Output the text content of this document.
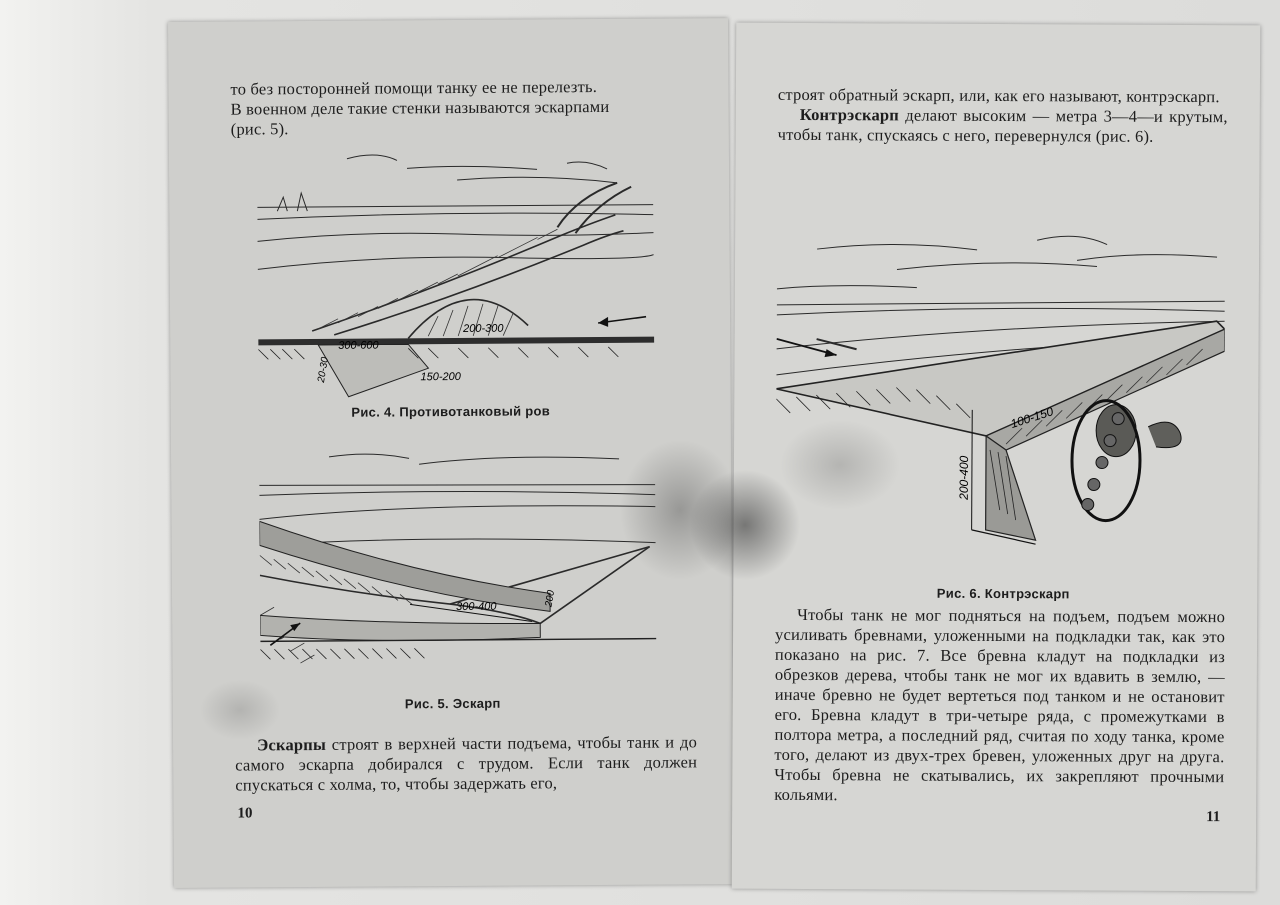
то без посторонней помощи танку ее не перелезть.

В военном деле такие стенки называются эскарпами

(рис. 5).

200-300
300-600
20-30	150-200
Рис. 4. Противотанковый ров
300-400	200
Рис. 5. Эскарп

Эскарпы строят в верхней части подъема, чтобы танк и до самого эскарпа добирался с трудом. Если танк должен спускаться с холма, то, чтобы задержать его,

10

строят обратный эскарп, или, как его называют, контрэскарп.

Контрэскарп делают высоким — метра 3—4—и крутым, чтобы танк, спускаясь с него, перевернулся (рис. 6).

100-150
200-400
Рис. 6. Контрэскарп

Чтобы танк не мог подняться на подъем, подъем можно усиливать бревнами, уложенными на подкладки так, как это показано на рис. 7. Все бревна кладут на подкладки из обрезков дерева, чтобы танк не мог их вдавить в землю, — иначе бревно не будет вертеться под танком и не остановит его. Бревна кладут в три-четыре ряда, с промежутками в полтора метра, а последний ряд, считая по ходу танка, кроме того, делают из двух-трех бревен, уложенных друг на друга. Чтобы бревна не скатывались, их закрепляют прочными кольями.

11
